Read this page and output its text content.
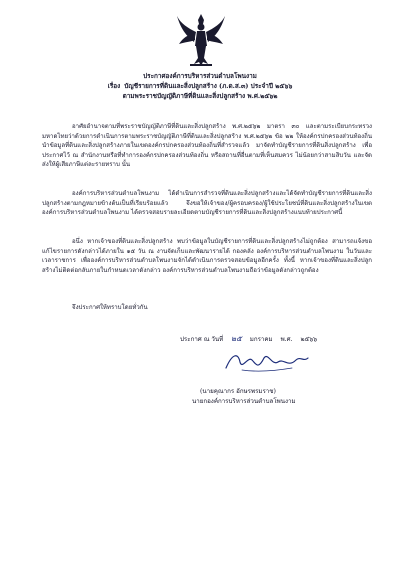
ประกาศองค์การบริหารส่วนตำบลโพนงาม
เรื่อง บัญชีรายการที่ดินและสิ่งปลูกสร้าง (ภ.ด.ส.๓) ประจำปี ๒๕๖๖
ตามพระราชบัญญัติภาษีที่ดินและสิ่งปลูกสร้าง พ.ศ.๒๕๖๒
อาศัยอำนาจตามที่พระราชบัญญัติภาษีที่ดินและสิ่งปลูกสร้าง พ.ศ.๒๕๖๒ มาตรา ๓๐ และตามระเบียบกระทรวงมหาดไทยว่าด้วยการดำเนินการตามพระราชบัญญัติภาษีที่ดินและสิ่งปลูกสร้าง พ.ศ.๒๕๖๒ ข้อ ๒๒ ให้องค์กรปกครองส่วนท้องถิ่นนำข้อมูลที่ดินและสิ่งปลูกสร้างภายในเขตองค์กรปกครองส่วนท้องถิ่นที่สำรวจแล้ว มาจัดทำบัญชีรายการที่ดินสิ่งปลูกสร้าง เพื่อประกาศไว้ ณ สำนักงานหรือที่ทำการองค์กรปกครองส่วนท้องถิ่น หรือสถานที่อื่นตามที่เห็นสมควร ไม่น้อยกว่าสามสิบวัน และจัดส่งให้ผู้เสียภาษีแต่ละรายทราบ นั้น
องค์การบริหารส่วนตำบลโพนงาม ได้ดำเนินการสำรวจที่ดินและสิ่งปลูกสร้างและได้จัดทำบัญชีรายการที่ดินและสิ่งปลูกสร้างตามกฎหมายข้างต้นเป็นที่เรียบร้อยแล้ว จึงขอให้เจ้าของ/ผู้ครอบครอง/ผู้ใช้ประโยชน์ที่ดินและสิ่งปลูกสร้างในเขตองค์การบริหารส่วนตำบลโพนงาม ได้ตรวจสอบรายละเอียดตามบัญชีรายการที่ดินและสิ่งปลูกสร้างแนบท้ายประกาศนี้
อนึ่ง หากเจ้าของที่ดินและสิ่งปลูกสร้าง พบว่าข้อมูลในบัญชีรายการที่ดินและสิ่งปลูกสร้างไม่ถูกต้อง สามารถแจ้งขอแก้ไขรายการดังกล่าวได้ภายใน ๑๕ วัน ณ งานจัดเก็บและพัฒนารายได้ กองคลัง องค์การบริหารส่วนตำบลโพนงาม ในวันและเวลาราชการ เพื่อองค์การบริหารส่วนตำบลโพนงามจักได้ดำเนินการตรวจสอบข้อมูลอีกครั้ง ทั้งนี้ หากเจ้าของที่ดินและสิ่งปลูกสร้างไม่ติดต่อกลับภายในกำหนดเวลาดังกล่าว องค์การบริหารส่วนตำบลโพนงามถือว่าข้อมูลดังกล่าวถูกต้อง
จึงประกาศให้ทราบโดยทั่วกัน
ประกาศ ณ วันที่ ๒๕ มกราคม พ.ศ. ๒๕๖๖
(นายคุณากร อักษรพรมราช)
นายกองค์การบริหารส่วนตำบลโพนงาม
